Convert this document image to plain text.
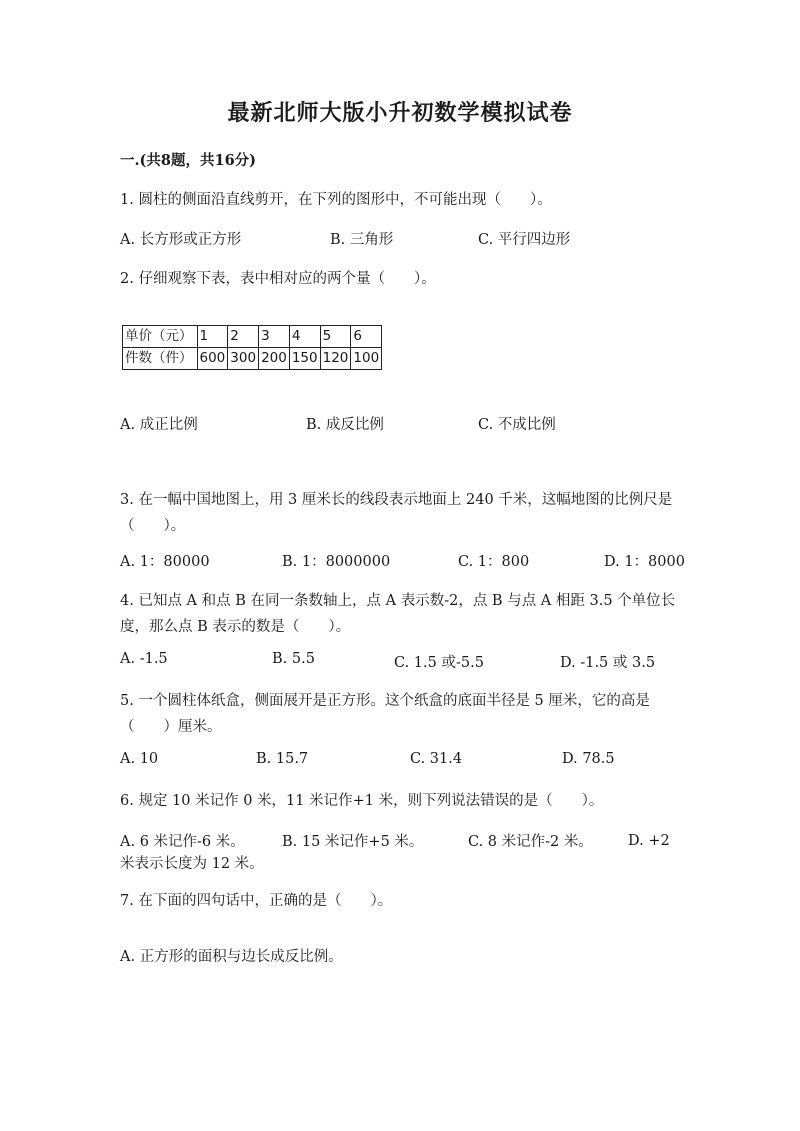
最新北师大版小升初数学模拟试卷
一.(共8题，共16分)
1. 圆柱的侧面沿直线剪开，在下列的图形中，不可能出现（　　）。
A. 长方形或正方形	B. 三角形	C. 平行四边形
2. 仔细观察下表，表中相对应的两个量（　　）。
单价（元）	1	2	3	4	5	6
件数（件）	600	300	200	150	120	100
A. 成正比例	B. 成反比例	C. 不成比例
3. 在一幅中国地图上，用 3 厘米长的线段表示地面上 240 千米，这幅地图的比例尺是（　　）。
A. 1：80000	B. 1：8000000	C. 1：800	D. 1：8000
4. 已知点 A 和点 B 在同一条数轴上，点 A 表示数-2，点 B 与点 A 相距 3.5 个单位长度，那么点 B 表示的数是（　　）。
A. -1.5	B. 5.5	C. 1.5 或-5.5	D. -1.5 或 3.5
5. 一个圆柱体纸盒，侧面展开是正方形。这个纸盒的底面半径是 5 厘米，它的高是（　　）厘米。
A. 10	B. 15.7	C. 31.4	D. 78.5
6. 规定 10 米记作 0 米，11 米记作+1 米，则下列说法错误的是（　　）。
A. 6 米记作-6 米。	B. 15 米记作+5 米。	C. 8 米记作-2 米。	D. +2 米表示长度为 12 米。
7. 在下面的四句话中，正确的是（　　）。
A. 正方形的面积与边长成反比例。
